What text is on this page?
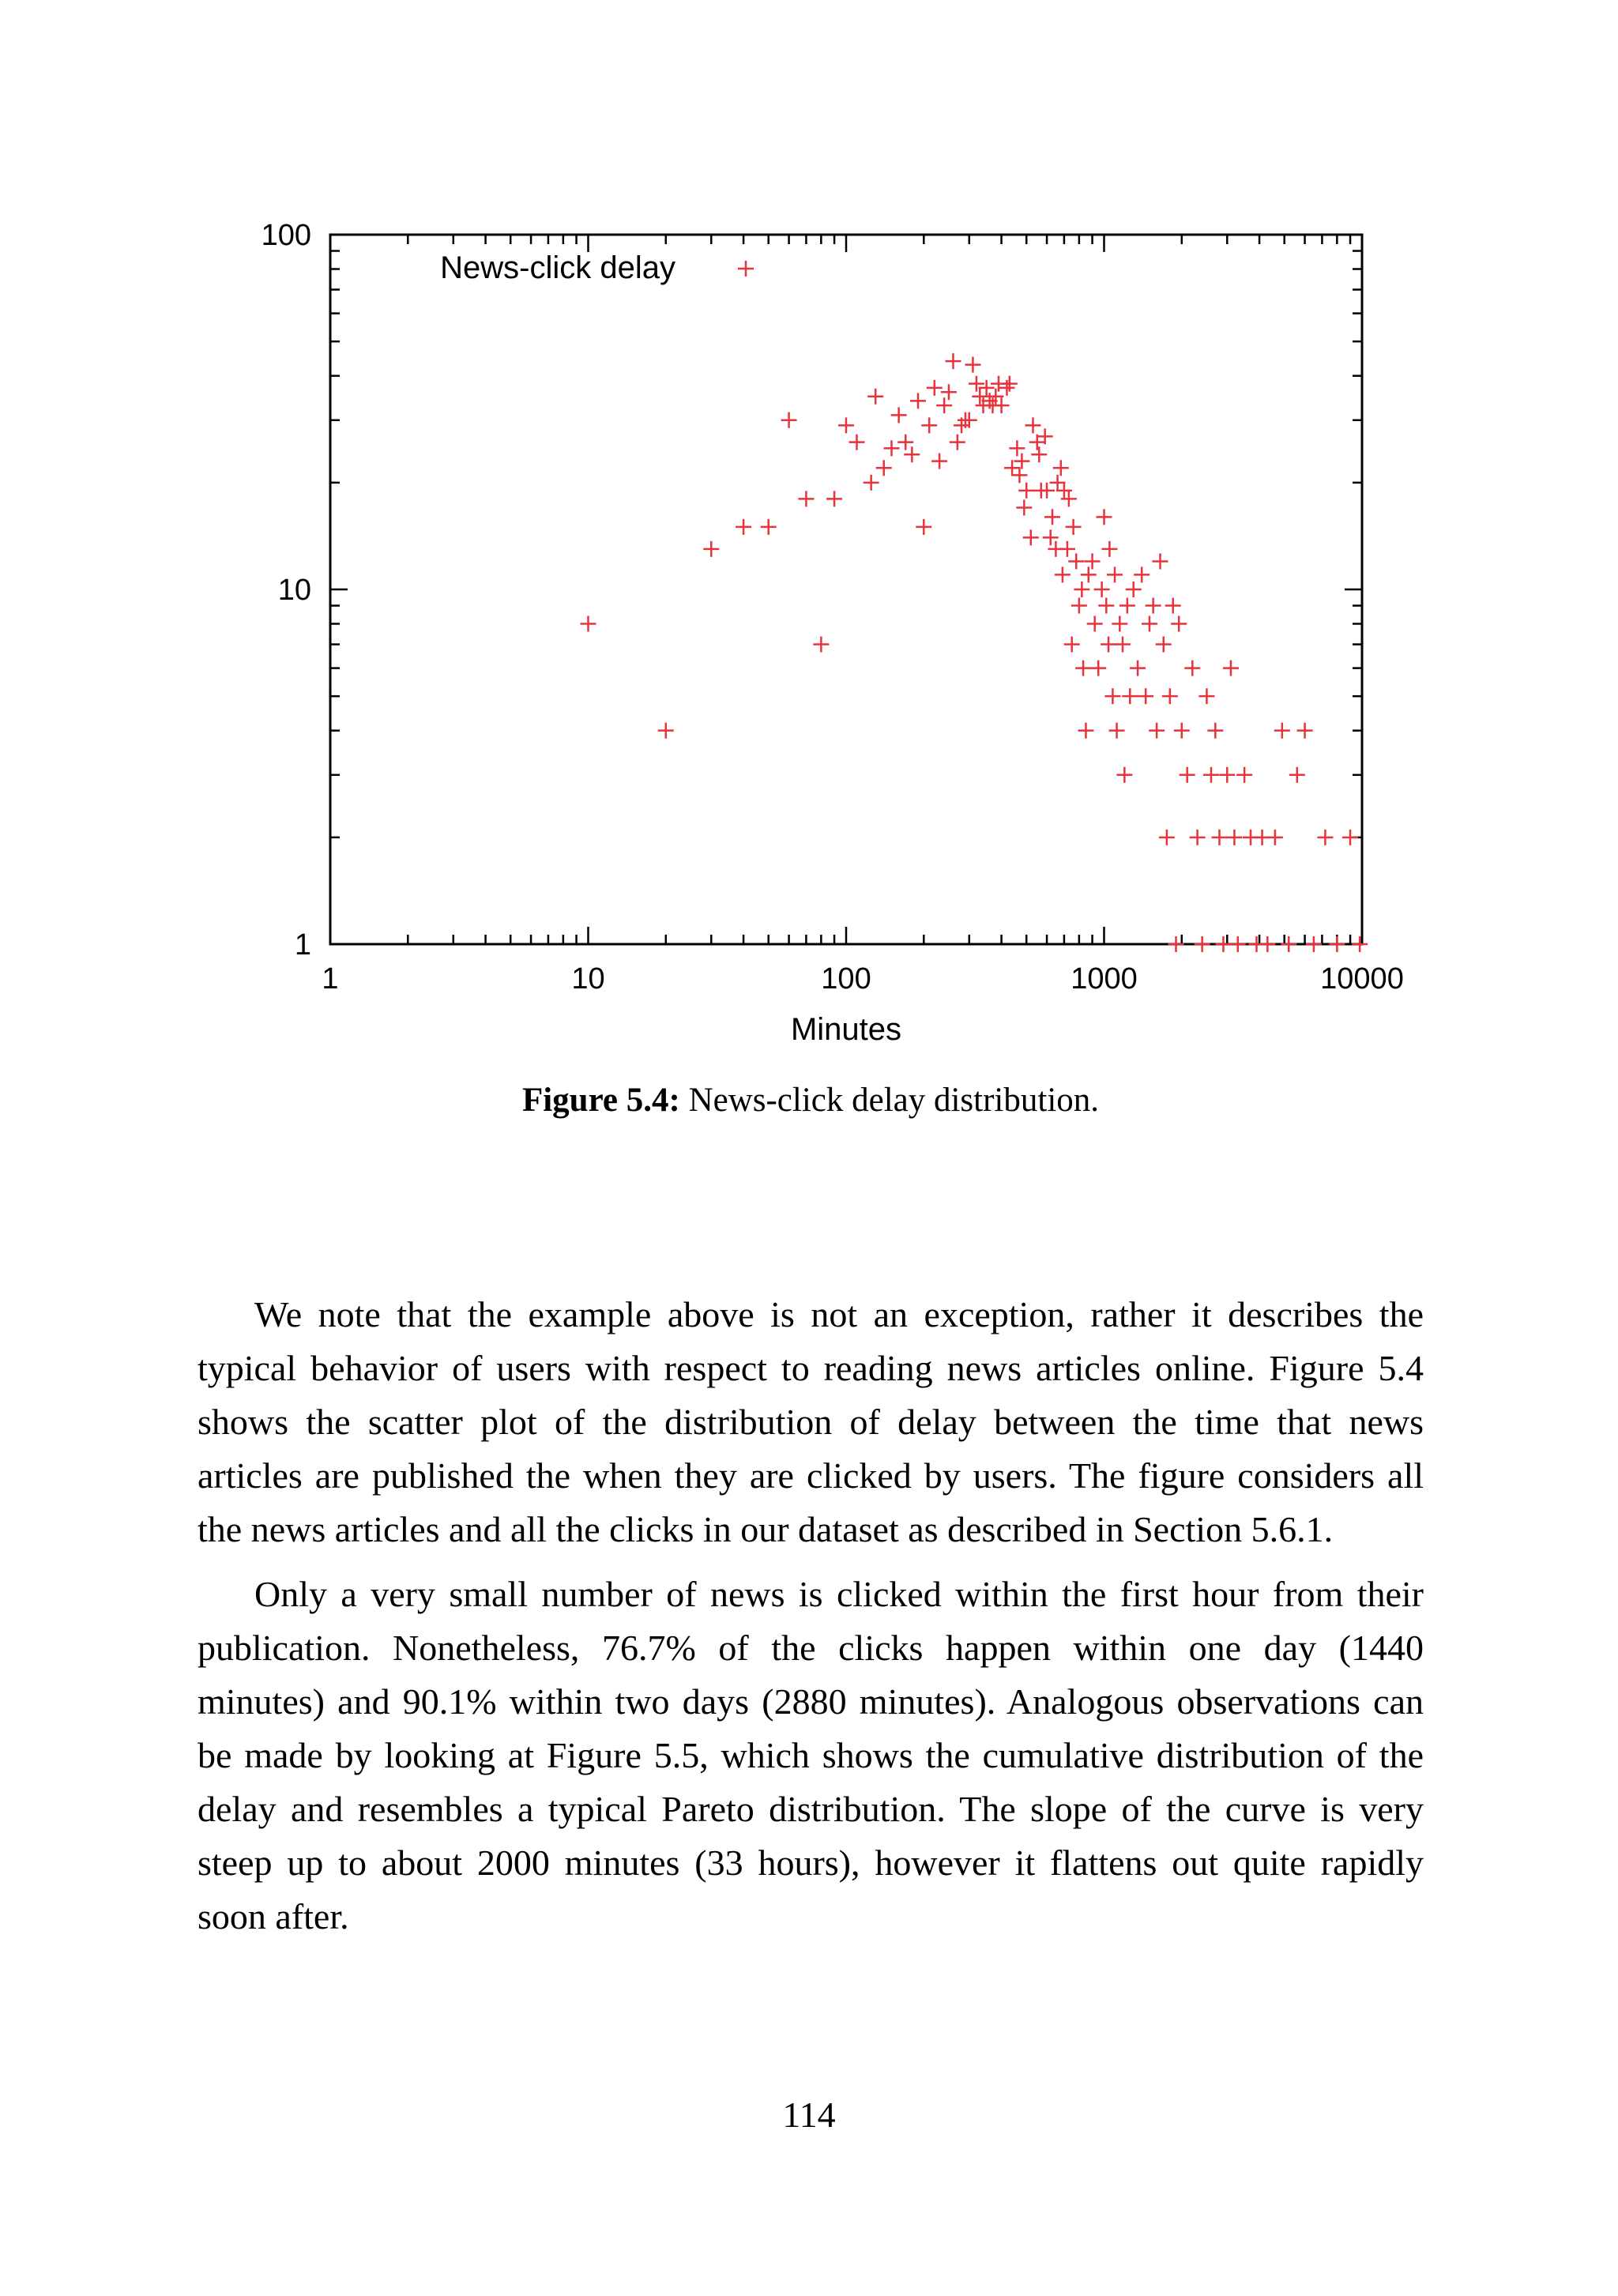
1	10	100	1000	10000
1
10
100
News-click delay
Minutes
Figure 5.4: News-click delay distribution.

We note that the example above is not an exception, rather it describes the typical behavior of users with respect to reading news articles online. Figure 5.4 shows the scatter plot of the distribution of delay between the time that news articles are published the when they are clicked by users. The figure considers all the news articles and all the clicks in our dataset as described in Section 5.6.1.

Only a very small number of news is clicked within the first hour from their publication. Nonetheless, 76.7% of the clicks happen within one day (1440 minutes) and 90.1% within two days (2880 minutes). Analogous observations can be made by looking at Figure 5.5, which shows the cumulative distribution of the delay and resembles a typical Pareto distribution. The slope of the curve is very steep up to about 2000 minutes (33 hours), however it flattens out quite rapidly soon after.

114
